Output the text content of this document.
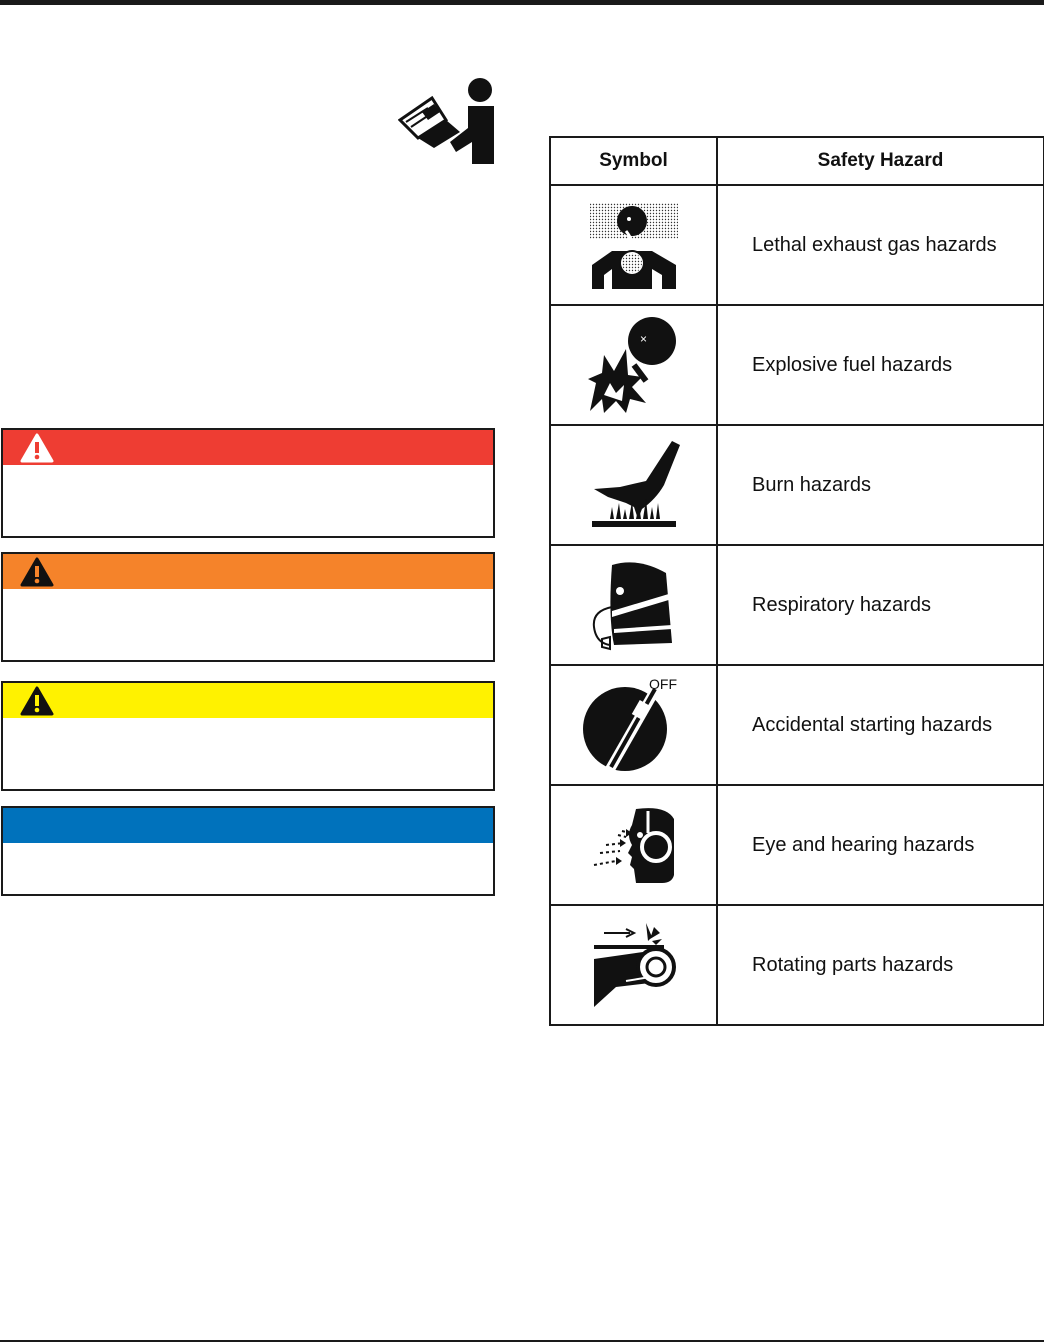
Symbol	Safety Hazard

	Lethal exhaust gas hazards

×	Explosive fuel hazards

	Burn hazards

	Respiratory hazards

OFF	Accidental starting hazards

	Eye and hearing hazards

	Rotating parts hazards
